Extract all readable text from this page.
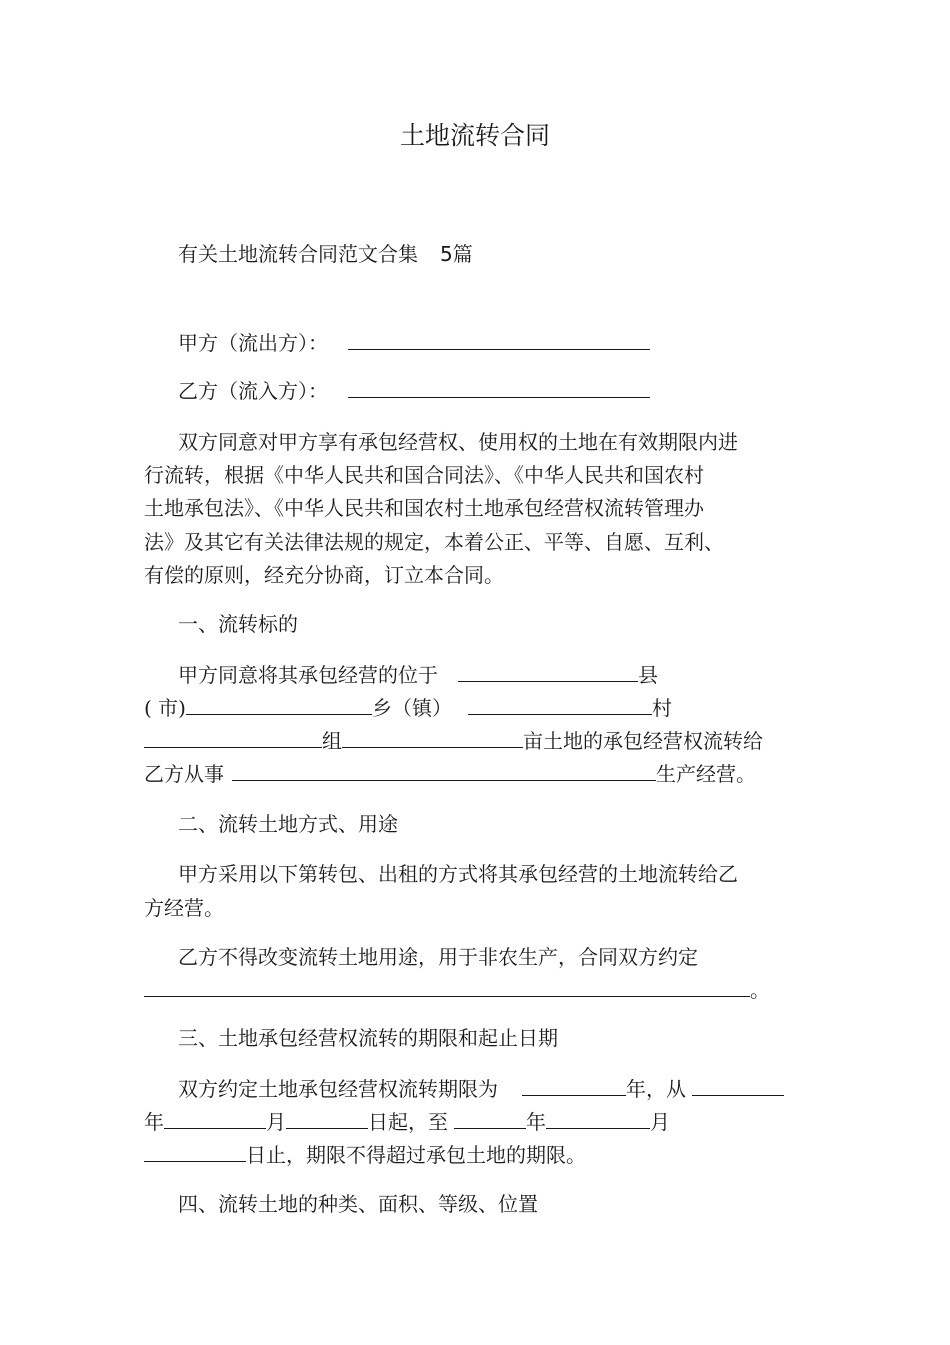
土地流转合同
有关土地流转合同范文合集 5篇
甲方（流出方）：
乙方（流入方）：
双方同意对甲方享有承包经营权、使用权的土地在有效期限内进
行流转，根据《中华人民共和国合同法》、《中华人民共和国农村
土地承包法》、《中华人民共和国农村土地承包经营权流转管理办
法》及其它有关法律法规的规定，本着公正、平等、自愿、互利、
有偿的原则，经充分协商，订立本合同。
一、流转标的
甲方同意将其承包经营的位于	县
( 市)	乡（镇）	村
组	亩土地的承包经营权流转给
乙方从事	生产经营。
二、流转土地方式、用途
甲方采用以下第转包、出租的方式将其承包经营的土地流转给乙
方经营。
乙方不得改变流转土地用途，用于非农生产，合同双方约定
。
三、土地承包经营权流转的期限和起止日期
双方约定土地承包经营权流转期限为	年，从
年	月	日起，至	年	月
日止，期限不得超过承包土地的期限。
四、流转土地的种类、面积、等级、位置
